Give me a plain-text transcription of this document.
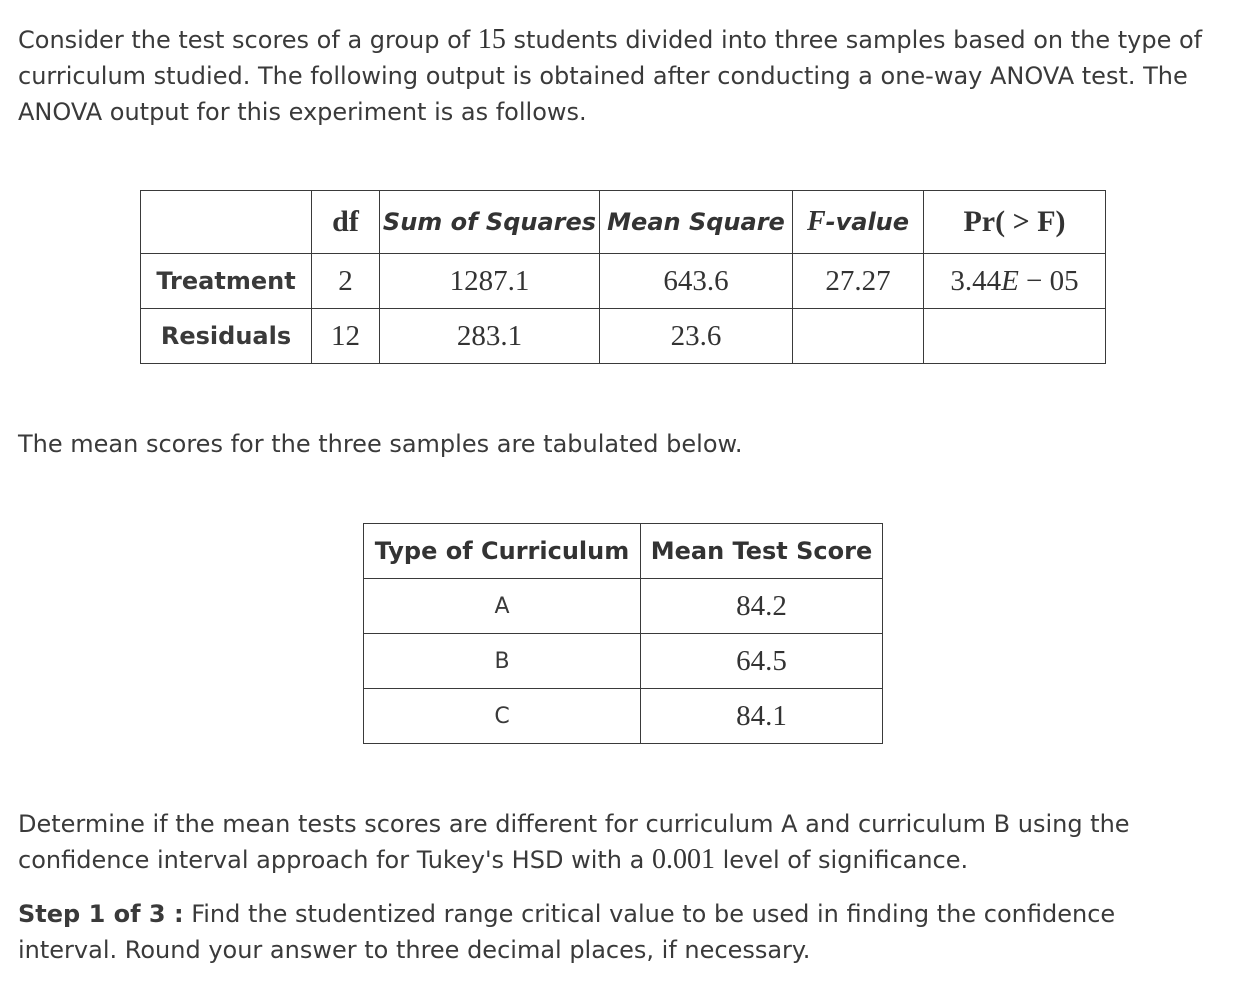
Consider the test scores of a group of 15 students divided into three samples based on the type of curriculum studied. The following output is obtained after conducting a one-way ANOVA test. The ANOVA output for this experiment is as follows.

	df	Sum of Squares	Mean Square	F-value	Pr( > F)
Treatment	2	1287.1	643.6	27.27	3.44E − 05
Residuals	12	283.1	23.6		

The mean scores for the three samples are tabulated below.

Type of Curriculum	Mean Test Score
A	84.2
B	64.5
C	84.1

Determine if the mean tests scores are different for curriculum A and curriculum B using the confidence interval approach for Tukey's HSD with a 0.001 level of significance.

Step 1 of 3 : Find the studentized range critical value to be used in finding the confidence interval. Round your answer to three decimal places, if necessary.
